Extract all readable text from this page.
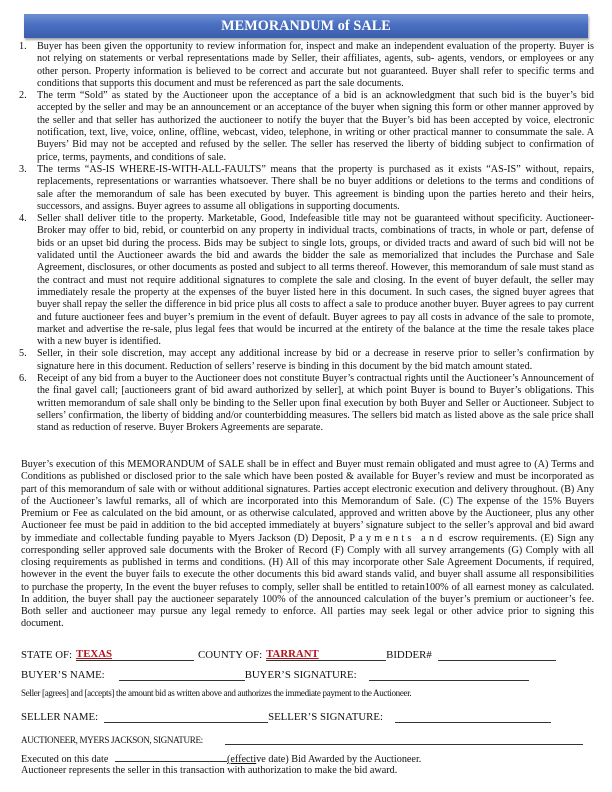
MEMORANDUM of SALE
1.	Buyer has been given the opportunity to review information for, inspect and make an independent evaluation of the property. Buyer is not relying on statements or verbal representations made by Seller, their affiliates, agents, sub- agents, vendors, or employees or any other person. Property information is believed to be correct and accurate but not guaranteed. Buyer shall refer to specific terms and conditions that supports this document and must be referenced as part the sale documents.
2.	The term “Sold” as stated by the Auctioneer upon the acceptance of a bid is an acknowledgment that such bid is the buyer’s bid accepted by the seller and may be an announcement or an acceptance of the buyer when signing this form or other manner approved by the seller and that seller has authorized the auctioneer to notify the buyer that the Buyer’s bid has been accepted by voice, electronic notification, text, live, voice, online, offline, webcast, video, telephone, in writing or other practical manner to consummate the sale. A Buyers’ Bid may not be accepted and refused by the seller. The seller has reserved the liberty of bidding subject to confirmation of price, terms, payments, and conditions of sale.
3.	The terms “AS-IS WHERE-IS-WITH-ALL-FAULTS” means that the property is purchased as it exists “AS-IS” without, repairs, replacements, representations or warranties whatsoever. There shall be no buyer additions or deletions to the terms and conditions of sale after the memorandum of sale has been executed by buyer. This agreement is binding upon the parties hereto and their heirs, successors, and assigns. Buyer agrees to assume all obligations in supporting documents.
4.	Seller shall deliver title to the property. Marketable, Good, Indefeasible title may not be guaranteed without specificity. Auctioneer-Broker may offer to bid, rebid, or counterbid on any property in individual tracts, combinations of tracts, in whole or part, defense of bids or an upset bid during the process. Bids may be subject to single lots, groups, or divided tracts and award of such bid will not be validated until the Auctioneer awards the bid and awards the bidder the sale as memorialized that includes the Purchase and Sale Agreement, disclosures, or other documents as posted and subject to all terms thereof. However, this memorandum of sale must stand as the contract and must not require additional signatures to complete the sale and closing. In the event of buyer default, the seller may immediately resale the property at the expenses of the buyer listed here in this document. In such cases, the signed buyer agrees that buyer shall repay the seller the difference in bid price plus all costs to affect a sale to produce another buyer. Buyer agrees to pay current and future auctioneer fees and buyer’s premium in the event of default. Buyer agrees to pay all costs in advance of the sale to promote, market and advertise the re-sale, plus legal fees that would be incurred at the entirety of the balance at the time the resale takes place with a new buyer is identified.
5.	Seller, in their sole discretion, may accept any additional increase by bid or a decrease in reserve prior to seller’s confirmation by signature here in this document. Reduction of sellers’ reserve is binding in this document by the bid match amount stated.
6.	Receipt of any bid from a buyer to the Auctioneer does not constitute Buyer’s contractual rights until the Auctioneer’s Announcement of the final gavel call; [auctioneers grant of bid award authorized by seller], at which point Buyer is bound to Buyer’s obligations. This written memorandum of sale shall only be binding to the Seller upon final execution by both Buyer and Seller or Auctioneer. Subject to sellers’ confirmation, the liberty of bidding and/or counterbidding measures. The sellers bid match as listed above as the sale price shall stand as reduction of reserve. Buyer Brokers Agreements are separate.

Buyer’s execution of this MEMORANDUM of SALE shall be in effect and Buyer must remain obligated and must agree to (A) Terms and Conditions as published or disclosed prior to the sale which have been posted & available for Buyer’s review and must be incorporated as part of this memorandum of sale with or without additional signatures. Parties accept electronic execution and delivery throughout. (B) Any of the Auctioneer’s lawful remarks, all of which are incorporated into this Memorandum of Sale. (C) The expense of the 15% Buyers Premium or Fee as calculated on the bid amount, or as otherwise calculated, approved and written above by the Auctioneer, plus any other Auctioneer fee must be paid in addition to the bid accepted immediately at buyers’ signature subject to the seller’s approval and bid award by immediate and collectable funding payable to Myers Jackson (D) Deposit, Payments and escrow requirements. (E) Sign any corresponding seller approved sale documents with the Broker of Record (F) Comply with all survey arrangements (G) Comply with all closing requirements as published in terms and conditions. (H) All of this may incorporate other Sale Agreement Documents, if required, however in the event the buyer fails to execute the other documents this bid award stands valid, and buyer shall assume all responsibilities to purchase the property, In the event the buyer refuses to comply, seller shall be entitled to retain100% of all earnest money as calculated. In addition, the buyer shall pay the auctioneer separately 100% of the announced calculation of the buyer’s premium or auctioneer’s fee. Both seller and auctioneer may pursue any legal remedy to enforce. All parties may seek legal or other advice prior to signing this document.

STATE OF: TEXAS	COUNTY OF: TARRANT	BIDDER#
BUYER’S NAME:	BUYER’S SIGNATURE:
Seller [agrees] and [accepts] the amount bid as written above and authorizes the immediate payment to the Auctioneer.
SELLER NAME:	SELLER’S SIGNATURE:
AUCTIONEER, MYERS JACKSON, SIGNATURE:
Executed on this date	(effective date) Bid Awarded by the Auctioneer.
Auctioneer represents the seller in this transaction with authorization to make the bid award.
